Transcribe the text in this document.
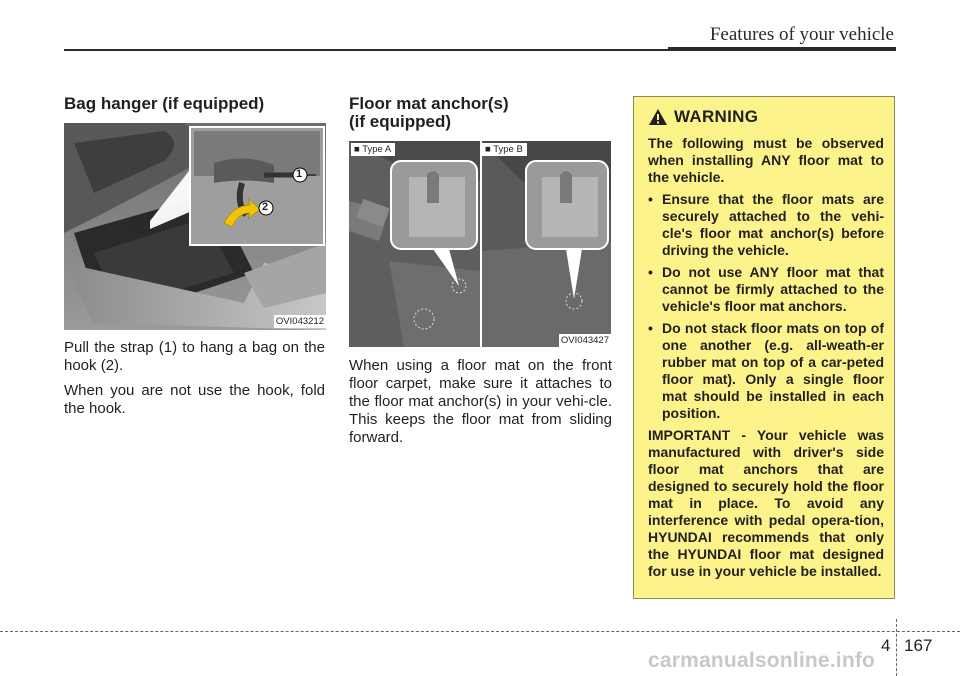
Features of your vehicle
Bag hanger (if equipped)
1
2
OVI043212

Pull the strap (1) to hang a bag on the hook (2).

When you are not use the hook, fold the hook.

Floor mat anchor(s)
(if equipped)
■ Type A	■ Type B
OVI043427

When using a floor mat on the front floor carpet, make sure it attaches to the floor mat anchor(s) in your vehi-cle. This keeps the floor mat from sliding forward.

WARNING

The following must be observed when installing ANY floor mat to the vehicle.

• Ensure that the floor mats are securely attached to the vehi-cle's floor mat anchor(s) before driving the vehicle.
• Do not use ANY floor mat that cannot be firmly attached to the vehicle's floor mat anchors.
• Do not stack floor mats on top of one another (e.g. all-weath-er rubber mat on top of a car-peted floor mat). Only a single floor mat should be installed in each position.

IMPORTANT - Your vehicle was manufactured with driver's side floor mat anchors that are designed to securely hold the floor mat in place. To avoid any interference with pedal opera-tion, HYUNDAI recommends that only the HYUNDAI floor mat designed for use in your vehicle be installed.

4 167
carmanualsonline.info
